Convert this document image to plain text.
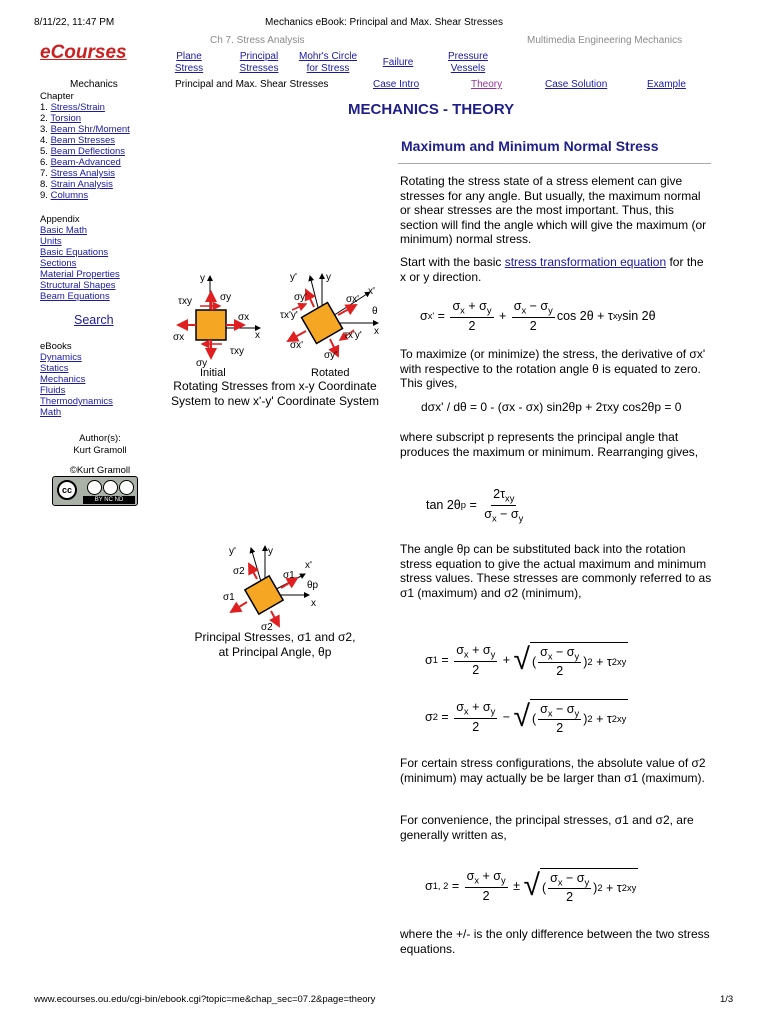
8/11/22, 11:47 PM	Mechanics eBook: Principal and Max. Shear Stresses
eCourses
Ch 7. Stress Analysis	Multimedia Engineering Mechanics
Plane
Stress
Principal
Stresses
Mohr's Circle
for Stress
Failure
Pressure
Vessels
Mechanics	Principal and Max. Shear Stresses	Case Intro	Theory	Case Solution	Example
Chapter
1. Stress/Strain
2. Torsion
3. Beam Shr/Moment
4. Beam Stresses
5. Beam Deflections
6. Beam-Advanced
7. Stress Analysis
8. Strain Analysis
9. Columns
Appendix
Basic Math
Units
Basic Equations
Sections
Material Properties
Structural Shapes
Beam Equations
Search
eBooks
Dynamics
Statics
Mechanics
Fluids
Thermodynamics
Math
Author(s):
Kurt Gramoll
©Kurt Gramoll
cc
BY NC ND
MECHANICS - THEORY
Maximum and Minimum Normal Stress
Rotating the stress state of a stress element can give stresses for any angle. But usually, the maximum normal or shear stresses are the most important. Thus, this section will find the angle which will give the maximum (or minimum) normal stress.
Start with the basic stress transformation equation for the x or y direction.
σ $x' = \frac{\sigma_x + \sigma_y}{2} + \frac{\sigma_x - \sigma_y}{2}$ cos 2θ + τ xy sin 2θ
To maximize (or minimize) the stress, the derivative of σx' with respective to the rotation angle θ is equated to zero. This gives,
dσx' / dθ = 0 - (σx - σx) sin2θp + 2τxy cos2θp = 0
where subscript p represents the principal angle that produces the maximum or minimum. Rearranging gives,
tan 2θ $p = \frac{2\tau_{xy}}{\sigma_x - \sigma_y}$
The angle θp can be substituted back into the rotation stress equation to give the actual maximum and minimum stress values. These stresses are commonly referred to as σ1 (maximum) and σ2 (minimum),
σ $1 = \frac{\sigma_x + \sigma_y}{2}$ + √ ( $\frac{\sigma_x - \sigma_y}{2}$ ) 2 + τ 2 xy
σ $2 = \frac{\sigma_x + \sigma_y}{2}$ − √ ( $\frac{\sigma_x - \sigma_y}{2}$ ) 2 + τ 2 xy
For certain stress configurations, the absolute value of σ2 (minimum) may actually be be larger than σ1 (maximum).
For convenience, the principal stresses, σ1 and σ2, are generally written as,
σ 1, $2 = \frac{\sigma_x + \sigma_y}{2}$ ± √ ( $\frac{\sigma_x - \sigma_y}{2}$ ) 2 + τ 2 xy
where the +/- is the only difference between the two stress equations.
y
σy
τxy
σx
x
σx
τxy
σy
y'	y
σy'	σx'
x'
θ
τx'y'
τx'y' x
σx'
σy'
Initial	Rotated
Rotating Stresses from x-y Coordinate
System to new x'-y' Coordinate System
y'	y
σ2	σ1
x'
θp
x
σ1
σ2
Principal Stresses, σ1 and σ2,
at Principal Angle, θp
www.ecourses.ou.edu/cgi-bin/ebook.cgi?topic=me&chap_sec=07.2&page=theory	1/3
